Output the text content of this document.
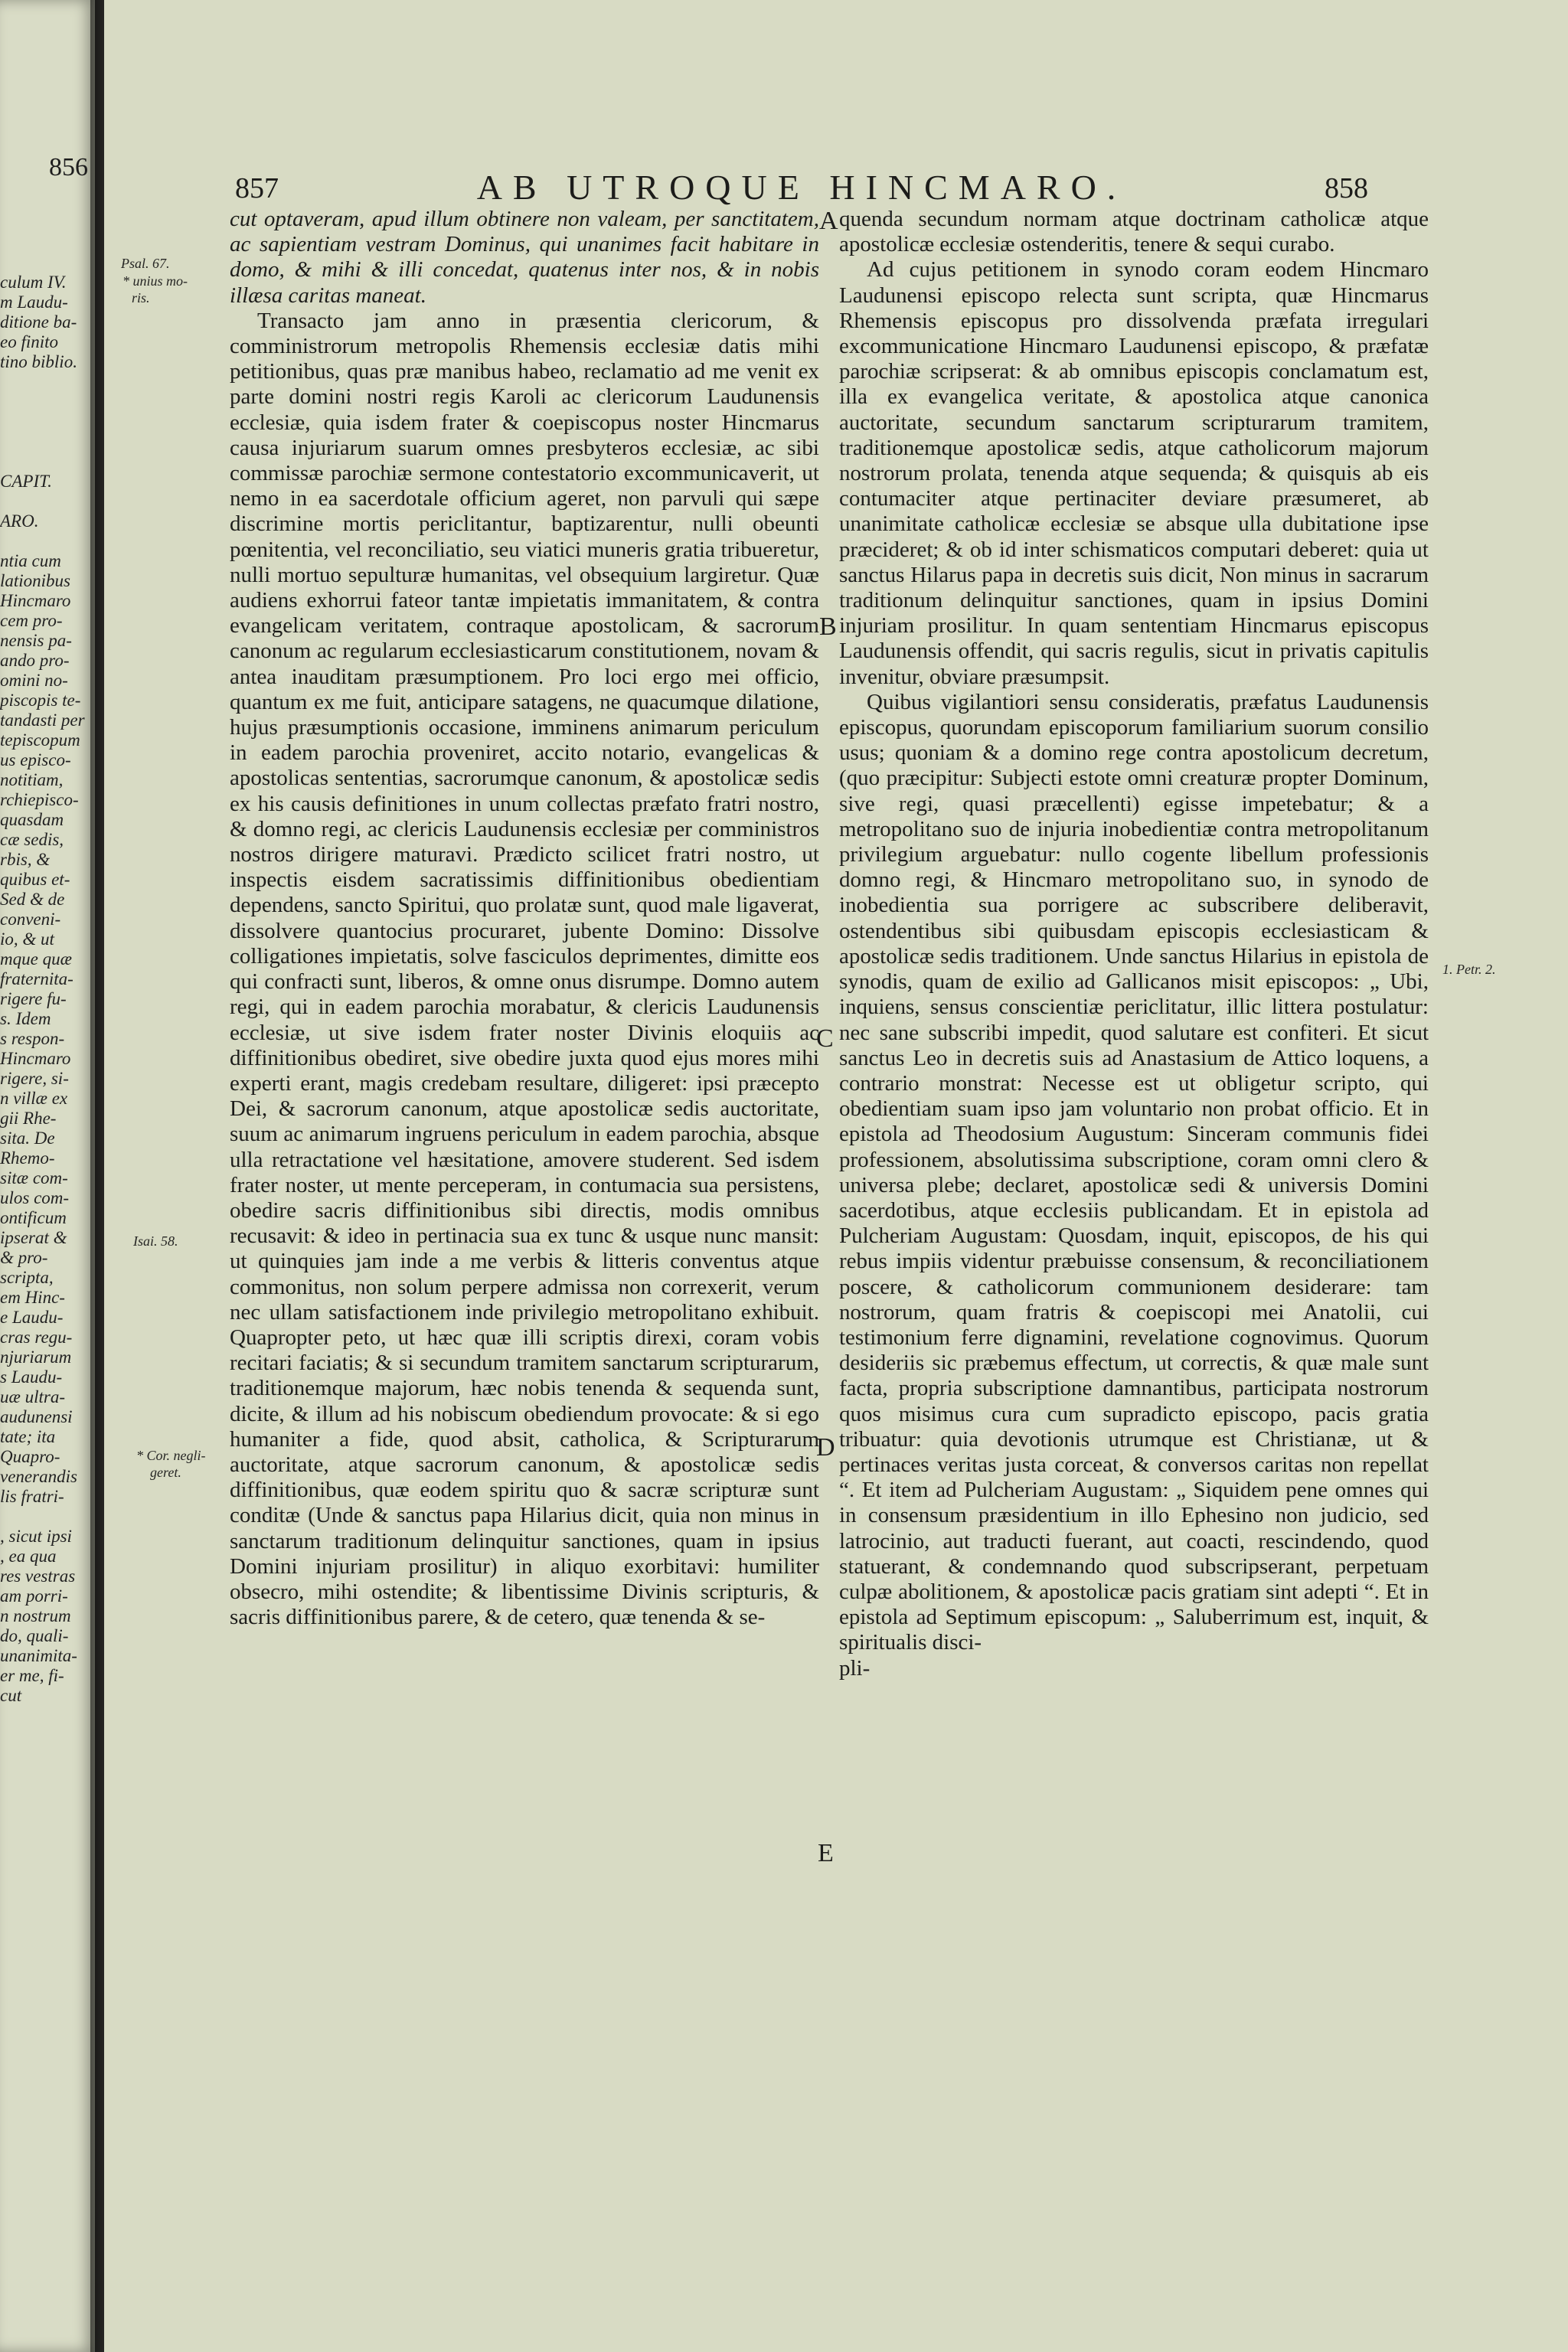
856
culum IV.
m Laudu-
ditione ba-
eo finito
tino biblio.
CAPIT.
ARO.
ntia cum
lationibus
Hincmaro
cem pro-
nensis pa-
ando pro-
omini no-
piscopis te-
tandasti per
tepiscopum
us episco-
notitiam,
rchiepisco-
quasdam
cæ sedis,
rbis, &
quibus et-
Sed & de
conveni-
io, & ut
mque quæ
fraternita-
rigere fu-
s. Idem
s respon-
Hincmaro
rigere, si-
n villæ ex
gii Rhe-
sita. De
Rhemo-
sitæ com-
ulos com-
ontificum
ipserat &
& pro-
scripta,
em Hinc-
e Laudu-
cras regu-
njuriarum
s Laudu-
uæ ultra-
audunensi
tate; ita
Quapro-
venerandis
lis fratri-
, sicut ipsi
, ea qua
res vestras
am porri-
n nostrum
do, quali-
unanimita-
er me, fi-
cut
857	AB UTROQUE HINCMARO.	858

cut optaveram, apud illum obtinere non valeam, per sanctitatem, ac sapientiam vestram Dominus, qui unanimes facit habitare in domo, & mihi & illi concedat, quatenus inter nos, & in nobis illæsa caritas maneat.

Transacto jam anno in præsentia clericorum, & comministrorum metropolis Rhemensis ecclesiæ datis mihi petitionibus, quas præ manibus habeo, reclamatio ad me venit ex parte domini nostri regis Karoli ac clericorum Laudunensis ecclesiæ, quia isdem frater & coepiscopus noster Hincmarus causa injuriarum suarum omnes presbyteros ecclesiæ, ac sibi commissæ parochiæ sermone contestatorio excommunicaverit, ut nemo in ea sacerdotale officium ageret, non parvuli qui sæpe discrimine mortis periclitantur, baptizarentur, nulli obeunti pœnitentia, vel reconciliatio, seu viatici muneris gratia tribueretur, nulli mortuo sepulturæ humanitas, vel obsequium largiretur. Quæ audiens exhorrui fateor tantæ impietatis immanitatem, & contra evangelicam veritatem, contraque apostolicam, & sacrorum canonum ac regularum ecclesiasticarum constitutionem, novam & antea inauditam præsumptionem. Pro loci ergo mei officio, quantum ex me fuit, anticipare satagens, ne quacumque dilatione, hujus præsumptionis occasione, imminens animarum periculum in eadem parochia proveniret, accito notario, evangelicas & apostolicas sententias, sacrorumque canonum, & apostolicæ sedis ex his causis definitiones in unum collectas præfato fratri nostro, & domno regi, ac clericis Laudunensis ecclesiæ per comministros nostros dirigere maturavi. Prædicto scilicet fratri nostro, ut inspectis eisdem sacratissimis diffinitionibus obedientiam dependens, sancto Spiritui, quo prolatæ sunt, quod male ligaverat, dissolvere quantocius procuraret, jubente Domino: Dissolve colligationes impietatis, solve fasciculos deprimentes, dimitte eos qui confracti sunt, liberos, & omne onus disrumpe. Domno autem regi, qui in eadem parochia morabatur, & clericis Laudunensis ecclesiæ, ut sive isdem frater noster Divinis eloquiis ac diffinitionibus obediret, sive obedire juxta quod ejus mores mihi experti erant, magis credebam resultare, diligeret: ipsi præcepto Dei, & sacrorum canonum, atque apostolicæ sedis auctoritate, suum ac animarum ingruens periculum in eadem parochia, absque ulla retractatione vel hæsitatione, amovere studerent. Sed isdem frater noster, ut mente perceperam, in contumacia sua persistens, obedire sacris diffinitionibus sibi directis, modis omnibus recusavit: & ideo in pertinacia sua ex tunc & usque nunc mansit: ut quinquies jam inde a me verbis & litteris conventus atque commonitus, non solum perpere admissa non correxerit, verum nec ullam satisfactionem inde privilegio metropolitano exhibuit. Quapropter peto, ut hæc quæ illi scriptis direxi, coram vobis recitari faciatis; & si secundum tramitem sanctarum scripturarum, traditionemque majorum, hæc nobis tenenda & sequenda sunt, dicite, & illum ad his nobiscum obediendum provocate: & si ego humaniter a fide, quod absit, catholica, & Scripturarum auctoritate, atque sacrorum canonum, & apostolicæ sedis diffinitionibus, quæ eodem spiritu quo & sacræ scripturæ sunt conditæ (Unde & sanctus papa Hilarius dicit, quia non minus in sanctarum traditionum delinquitur sanctiones, quam in ipsius Domini injuriam prosilitur) in aliquo exorbitavi: humiliter obsecro, mihi ostendite; & libentissime Divinis scripturis, & sacris diffinitionibus parere, & de cetero, quæ tenenda & se-

quenda secundum normam atque doctrinam catholicæ atque apostolicæ ecclesiæ ostenderitis, tenere & sequi curabo.

Ad cujus petitionem in synodo coram eodem Hincmaro Laudunensi episcopo relecta sunt scripta, quæ Hincmarus Rhemensis episcopus pro dissolvenda præfata irregulari excommunicatione Hincmaro Laudunensi episcopo, & præfatæ parochiæ scripserat: & ab omnibus episcopis conclamatum est, illa ex evangelica veritate, & apostolica atque canonica auctoritate, secundum sanctarum scripturarum tramitem, traditionemque apostolicæ sedis, atque catholicorum majorum nostrorum prolata, tenenda atque sequenda; & quisquis ab eis contumaciter atque pertinaciter deviare præsumeret, ab unanimitate catholicæ ecclesiæ se absque ulla dubitatione ipse præcideret; & ob id inter schismaticos computari deberet: quia ut sanctus Hilarus papa in decretis suis dicit, Non minus in sacrarum traditionum delinquitur sanctiones, quam in ipsius Domini injuriam prosilitur. In quam sententiam Hincmarus episcopus Laudunensis offendit, qui sacris regulis, sicut in privatis capitulis invenitur, obviare præsumpsit.

Quibus vigilantiori sensu consideratis, præfatus Laudunensis episcopus, quorundam episcoporum familiarium suorum consilio usus; quoniam & a domino rege contra apostolicum decretum, (quo præcipitur: Subjecti estote omni creaturæ propter Dominum, sive regi, quasi præcellenti) egisse impetebatur; & a metropolitano suo de injuria inobedientiæ contra metropolitanum privilegium arguebatur: nullo cogente libellum professionis domno regi, & Hincmaro metropolitano suo, in synodo de inobedientia sua porrigere ac subscribere deliberavit, ostendentibus sibi quibusdam episcopis ecclesiasticam & apostolicæ sedis traditionem. Unde sanctus Hilarius in epistola de synodis, quam de exilio ad Gallicanos misit episcopos: „ Ubi, inquiens, sensus conscientiæ periclitatur, illic littera postulatur: nec sane subscribi impedit, quod salutare est confiteri. Et sicut sanctus Leo in decretis suis ad Anastasium de Attico loquens, a contrario monstrat: Necesse est ut obligetur scripto, qui obedientiam suam ipso jam voluntario non probat officio. Et in epistola ad Theodosium Augustum: Sinceram communis fidei professionem, absolutissima subscriptione, coram omni clero & universa plebe; declaret, apostolicæ sedi & universis Domini sacerdotibus, atque ecclesiis publicandam. Et in epistola ad Pulcheriam Augustam: Quosdam, inquit, episcopos, de his qui rebus impiis videntur præbuisse consensum, & reconciliationem poscere, & catholicorum communionem desiderare: tam nostrorum, quam fratris & coepiscopi mei Anatolii, cui testimonium ferre dignamini, revelatione cognovimus. Quorum desideriis sic præbemus effectum, ut correctis, & quæ male sunt facta, propria subscriptione damnantibus, participata nostrorum quos misimus cura cum supradicto episcopo, pacis gratia tribuatur: quia devotionis utrumque est Christianæ, ut & pertinaces veritas justa corceat, & conversos caritas non repellat “. Et item ad Pulcheriam Augustam: „ Siquidem pene omnes qui in consensum præsidentium in illo Ephesino non judicio, sed latrocinio, aut traducti fuerant, aut coacti, rescindendo, quod statuerant, & condemnando quod subscripserant, perpetuam culpæ abolitionem, & apostolicæ pacis gratiam sint adepti “. Et in epistola ad Septimum episcopum: „ Saluberrimum est, inquit, & spiritualis disci-

pli-

Psal. 67.
* unius mo-
ris.
Isai. 58.
* Cor. negli-
geret.
1. Petr. 2.
A
B
C
D
E
